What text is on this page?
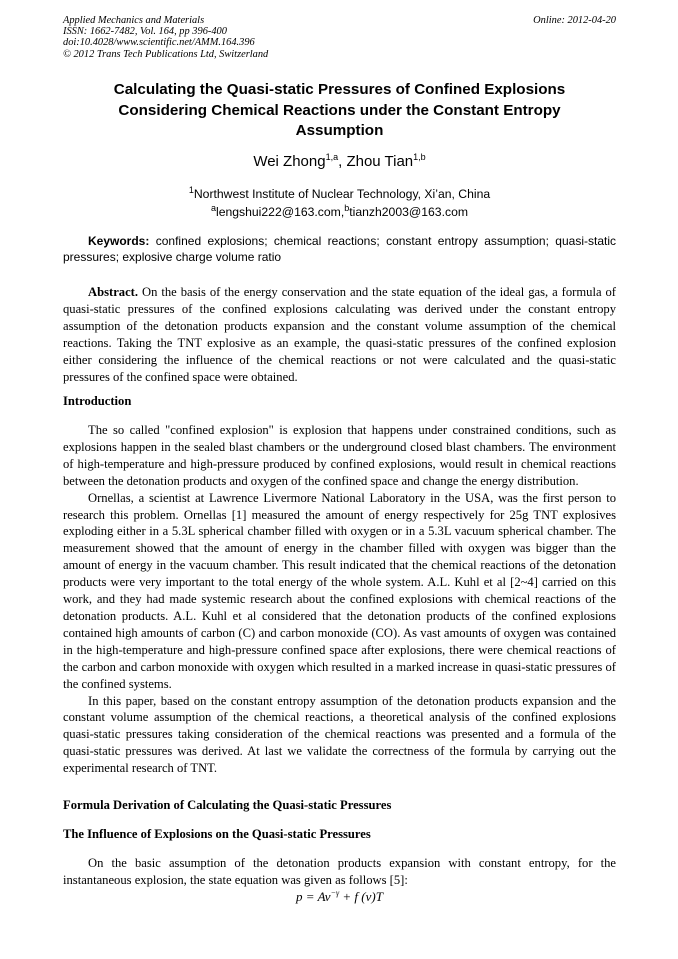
Applied Mechanics and Materials
ISSN: 1662-7482, Vol. 164, pp 396-400
doi:10.4028/www.scientific.net/AMM.164.396
© 2012 Trans Tech Publications Ltd, Switzerland
Online: 2012-04-20
Calculating the Quasi-static Pressures of Confined Explosions
Considering Chemical Reactions under the Constant Entropy
Assumption
Wei Zhong$^{1,a}$, Zhou Tian$^{1,b}$
$^1$Northwest Institute of Nuclear Technology, Xi’an, China
$^a$lengshui222@163.com,$^b$tianzh2003@163.com
Keywords: confined explosions; chemical reactions; constant entropy assumption; quasi-static pressures; explosive charge volume ratio

Abstract. On the basis of the energy conservation and the state equation of the ideal gas, a formula of quasi-static pressures of the confined explosions calculating was derived under the constant entropy assumption of the detonation products expansion and the constant volume assumption of the chemical reactions. Taking the TNT explosive as an example, the quasi-static pressures of the confined explosion either considering the influence of the chemical reactions or not were calculated and the quasi-static pressures of the confined space were obtained.

Introduction

The so called "confined explosion" is explosion that happens under constrained conditions, such as explosions happen in the sealed blast chambers or the underground closed blast chambers. The environment of high-temperature and high-pressure produced by confined explosions, would result in chemical reactions between the detonation products and oxygen of the confined space and change the energy distribution.

Ornellas, a scientist at Lawrence Livermore National Laboratory in the USA, was the first person to research this problem. Ornellas [1] measured the amount of energy respectively for 25g TNT explosives exploding either in a 5.3L spherical chamber filled with oxygen or in a 5.3L vacuum spherical chamber. The measurement showed that the amount of energy in the chamber filled with oxygen was bigger than the amount of energy in the vacuum chamber. This result indicated that the chemical reactions of the detonation products were very important to the total energy of the whole system. A.L. Kuhl et al [2~4] carried on this work, and they had made systemic research about the confined explosions with chemical reactions of the detonation products. A.L. Kuhl et al considered that the detonation products of the confined explosions contained high amounts of carbon (C) and carbon monoxide (CO). As vast amounts of oxygen was contained in the high-temperature and high-pressure confined space after explosions, there were chemical reactions of the carbon and carbon monoxide with oxygen which resulted in a marked increase in quasi-static pressures of the confined systems.

In this paper, based on the constant entropy assumption of the detonation products expansion and the constant volume assumption of the chemical reactions, a theoretical analysis of the confined explosions quasi-static pressures taking consideration of the chemical reactions was presented and a formula of the quasi-static pressures was derived. At last we validate the correctness of the formula by carrying out the experimental research of TNT.

Formula Derivation of Calculating the Quasi-static Pressures

The Influence of Explosions on the Quasi-static Pressures

On the basic assumption of the detonation products expansion with constant entropy, for the instantaneous explosion, the state equation was given as follows [5]:

$p = Av^{-\gamma} + f$ (v)T
